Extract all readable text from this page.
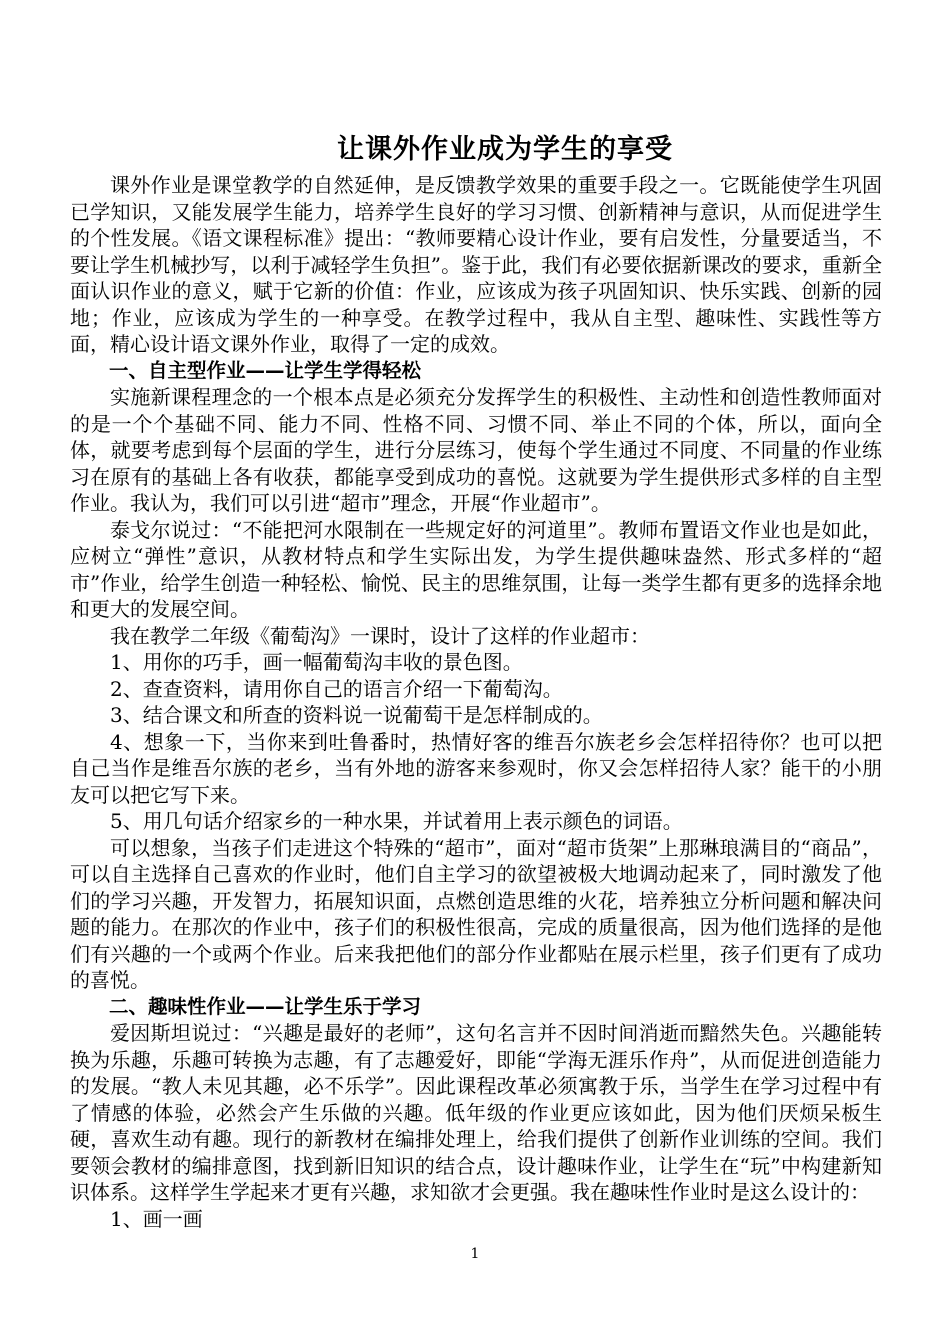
让课外作业成为学生的享受

课外作业是课堂教学的自然延伸，是反馈教学效果的重要手段之一。它既能使学生巩固已学知识，又能发展学生能力，培养学生良好的学习习惯、创新精神与意识，从而促进学生的个性发展。《语文课程标准》提出：“教师要精心设计作业，要有启发性，分量要适当，不要让学生机械抄写，以利于减轻学生负担”。鉴于此，我们有必要依据新课改的要求，重新全面认识作业的意义，赋于它新的价值：作业，应该成为孩子巩固知识、快乐实践、创新的园地；作业，应该成为学生的一种享受。在教学过程中，我从自主型、趣味性、实践性等方面，精心设计语文课外作业，取得了一定的成效。

一、自主型作业——让学生学得轻松

实施新课程理念的一个根本点是必须充分发挥学生的积极性、主动性和创造性教师面对的是一个个基础不同、能力不同、性格不同、习惯不同、举止不同的个体，所以，面向全体，就要考虑到每个层面的学生，进行分层练习，使每个学生通过不同度、不同量的作业练习在原有的基础上各有收获，都能享受到成功的喜悦。这就要为学生提供形式多样的自主型作业。我认为，我们可以引进“超市”理念，开展“作业超市”。

泰戈尔说过：“不能把河水限制在一些规定好的河道里”。教师布置语文作业也是如此，应树立“弹性”意识，从教材特点和学生实际出发，为学生提供趣味盎然、形式多样的“超市”作业，给学生创造一种轻松、愉悦、民主的思维氛围，让每一类学生都有更多的选择余地和更大的发展空间。

我在教学二年级《葡萄沟》一课时，设计了这样的作业超市：

1、用你的巧手，画一幅葡萄沟丰收的景色图。

2、查查资料，请用你自己的语言介绍一下葡萄沟。

3、结合课文和所查的资料说一说葡萄干是怎样制成的。

4、想象一下，当你来到吐鲁番时，热情好客的维吾尔族老乡会怎样招待你？也可以把自己当作是维吾尔族的老乡，当有外地的游客来参观时，你又会怎样招待人家？能干的小朋友可以把它写下来。

5、用几句话介绍家乡的一种水果，并试着用上表示颜色的词语。

可以想象，当孩子们走进这个特殊的“超市”，面对“超市货架”上那琳琅满目的“商品”，可以自主选择自己喜欢的作业时，他们自主学习的欲望被极大地调动起来了，同时激发了他们的学习兴趣，开发智力，拓展知识面，点燃创造思维的火花，培养独立分析问题和解决问题的能力。在那次的作业中，孩子们的积极性很高，完成的质量很高，因为他们选择的是他们有兴趣的一个或两个作业。后来我把他们的部分作业都贴在展示栏里，孩子们更有了成功的喜悦。

二、趣味性作业——让学生乐于学习

爱因斯坦说过：“兴趣是最好的老师”，这句名言并不因时间消逝而黯然失色。兴趣能转换为乐趣，乐趣可转换为志趣，有了志趣爱好，即能“学海无涯乐作舟”，从而促进创造能力的发展。“教人未见其趣，必不乐学”。因此课程改革必须寓教于乐，当学生在学习过程中有了情感的体验，必然会产生乐做的兴趣。低年级的作业更应该如此，因为他们厌烦呆板生硬，喜欢生动有趣。现行的新教材在编排处理上，给我们提供了创新作业训练的空间。我们要领会教材的编排意图，找到新旧知识的结合点，设计趣味作业，让学生在“玩”中构建新知识体系。这样学生学起来才更有兴趣，求知欲才会更强。我在趣味性作业时是这么设计的：

1、画一画

1
